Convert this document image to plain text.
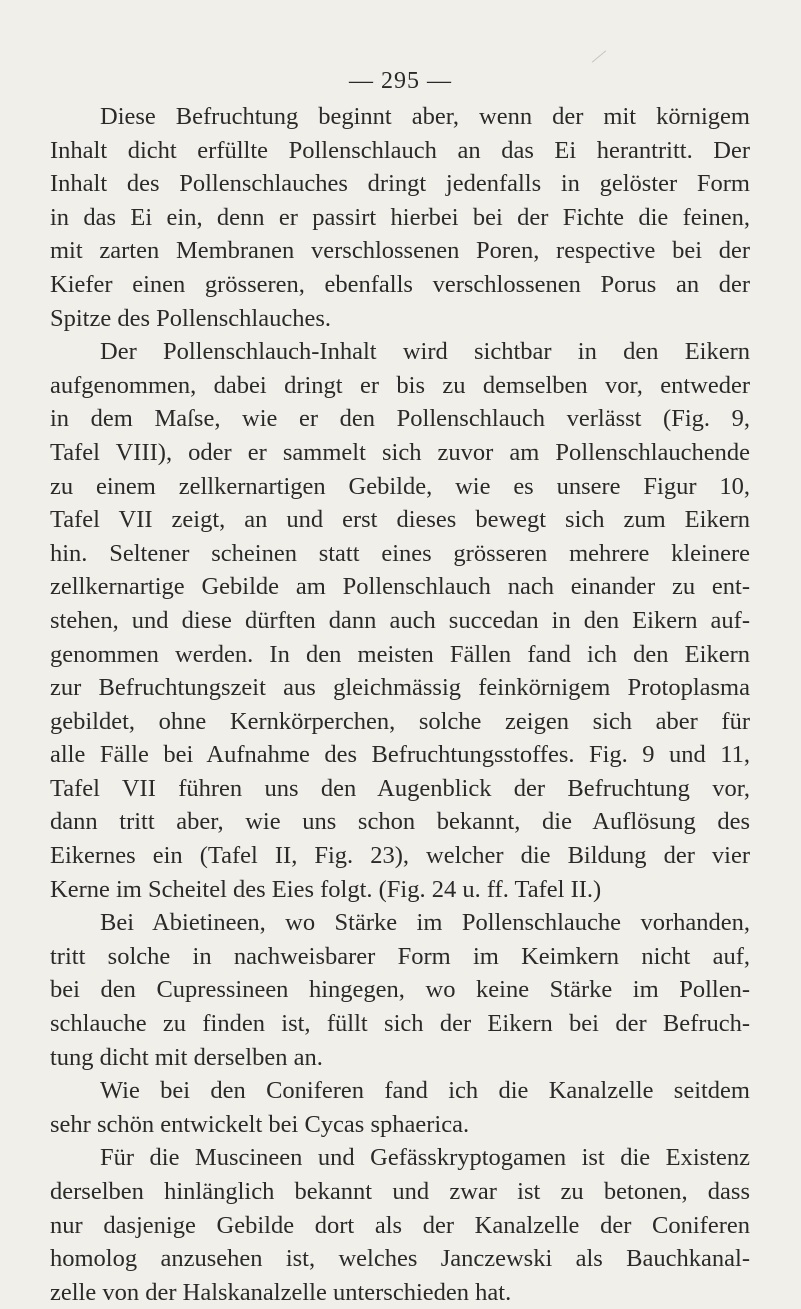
— 295 —
Diese Befruchtung beginnt aber, wenn der mit körnigem
Inhalt dicht erfüllte Pollenschlauch an das Ei herantritt. Der
Inhalt des Pollenschlauches dringt jedenfalls in gelöster Form
in das Ei ein, denn er passirt hierbei bei der Fichte die feinen,
mit zarten Membranen verschlossenen Poren, respective bei der
Kiefer einen grösseren, ebenfalls verschlossenen Porus an der
Spitze des Pollenschlauches.
Der Pollenschlauch-Inhalt wird sichtbar in den Eikern
aufgenommen, dabei dringt er bis zu demselben vor, entweder
in dem Maſse, wie er den Pollenschlauch verlässt (Fig. 9,
Tafel VIII), oder er sammelt sich zuvor am Pollenschlauchende
zu einem zellkernartigen Gebilde, wie es unsere Figur 10,
Tafel VII zeigt, an und erst dieses bewegt sich zum Eikern
hin. Seltener scheinen statt eines grösseren mehrere kleinere
zellkernartige Gebilde am Pollenschlauch nach einander zu ent-
stehen, und diese dürften dann auch succedan in den Eikern auf-
genommen werden. In den meisten Fällen fand ich den Eikern
zur Befruchtungszeit aus gleichmässig feinkörnigem Protoplasma
gebildet, ohne Kernkörperchen, solche zeigen sich aber für
alle Fälle bei Aufnahme des Befruchtungsstoffes. Fig. 9 und 11,
Tafel VII führen uns den Augenblick der Befruchtung vor,
dann tritt aber, wie uns schon bekannt, die Auflösung des
Eikernes ein (Tafel II, Fig. 23), welcher die Bildung der vier
Kerne im Scheitel des Eies folgt. (Fig. 24 u. ff. Tafel II.)
Bei Abietineen, wo Stärke im Pollenschlauche vorhanden,
tritt solche in nachweisbarer Form im Keimkern nicht auf,
bei den Cupressineen hingegen, wo keine Stärke im Pollen-
schlauche zu finden ist, füllt sich der Eikern bei der Befruch-
tung dicht mit derselben an.
Wie bei den Coniferen fand ich die Kanalzelle seitdem
sehr schön entwickelt bei Cycas sphaerica.
Für die Muscineen und Gefässkryptogamen ist die Existenz
derselben hinlänglich bekannt und zwar ist zu betonen, dass
nur dasjenige Gebilde dort als der Kanalzelle der Coniferen
homolog anzusehen ist, welches Janczewski als Bauchkanal-
zelle von der Halskanalzelle unterschieden hat.
